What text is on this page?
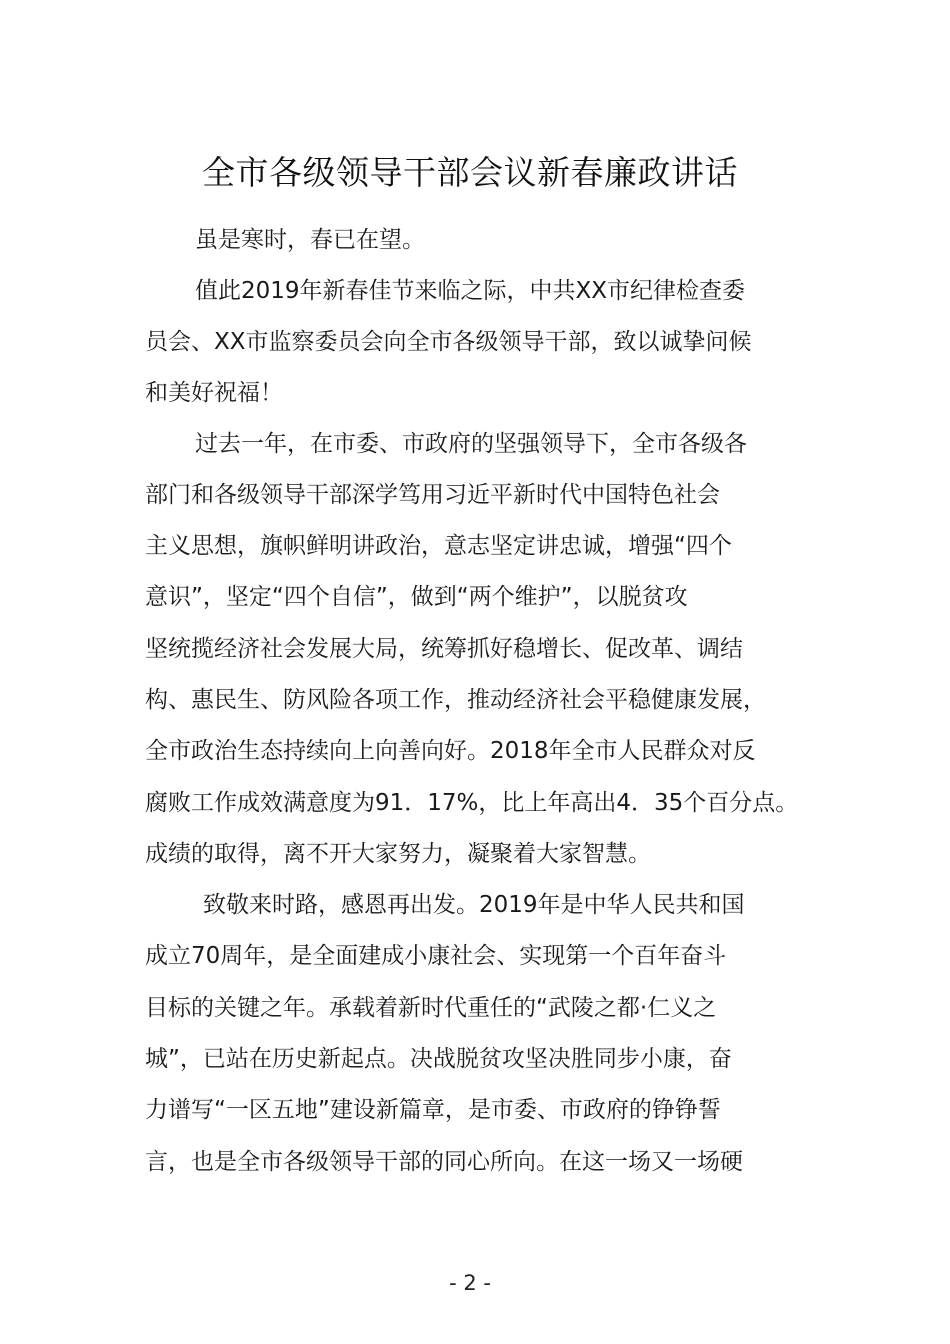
全市各级领导干部会议新春廉政讲话
虽是寒时，春已在望。
值此2019年新春佳节来临之际，中共XX市纪律检查委
员会、XX市监察委员会向全市各级领导干部，致以诚挚问候
和美好祝福！
过去一年，在市委、市政府的坚强领导下，全市各级各
部门和各级领导干部深学笃用习近平新时代中国特色社会
主义思想，旗帜鲜明讲政治，意志坚定讲忠诚，增强“四个
意识”，坚定“四个自信”，做到“两个维护”，以脱贫攻
坚统揽经济社会发展大局，统筹抓好稳增长、促改革、调结
构、惠民生、防风险各项工作，推动经济社会平稳健康发展，
全市政治生态持续向上向善向好。2018年全市人民群众对反
腐败工作成效满意度为91．17%，比上年高出4．35个百分点。
成绩的取得，离不开大家努力，凝聚着大家智慧。
致敬来时路，感恩再出发。2019年是中华人民共和国
成立70周年，是全面建成小康社会、实现第一个百年奋斗
目标的关键之年。承载着新时代重任的“武陵之都·仁义之
城”，已站在历史新起点。决战脱贫攻坚决胜同步小康，奋
力谱写“一区五地”建设新篇章，是市委、市政府的铮铮誓
言，也是全市各级领导干部的同心所向。在这一场又一场硬
- 2 -
